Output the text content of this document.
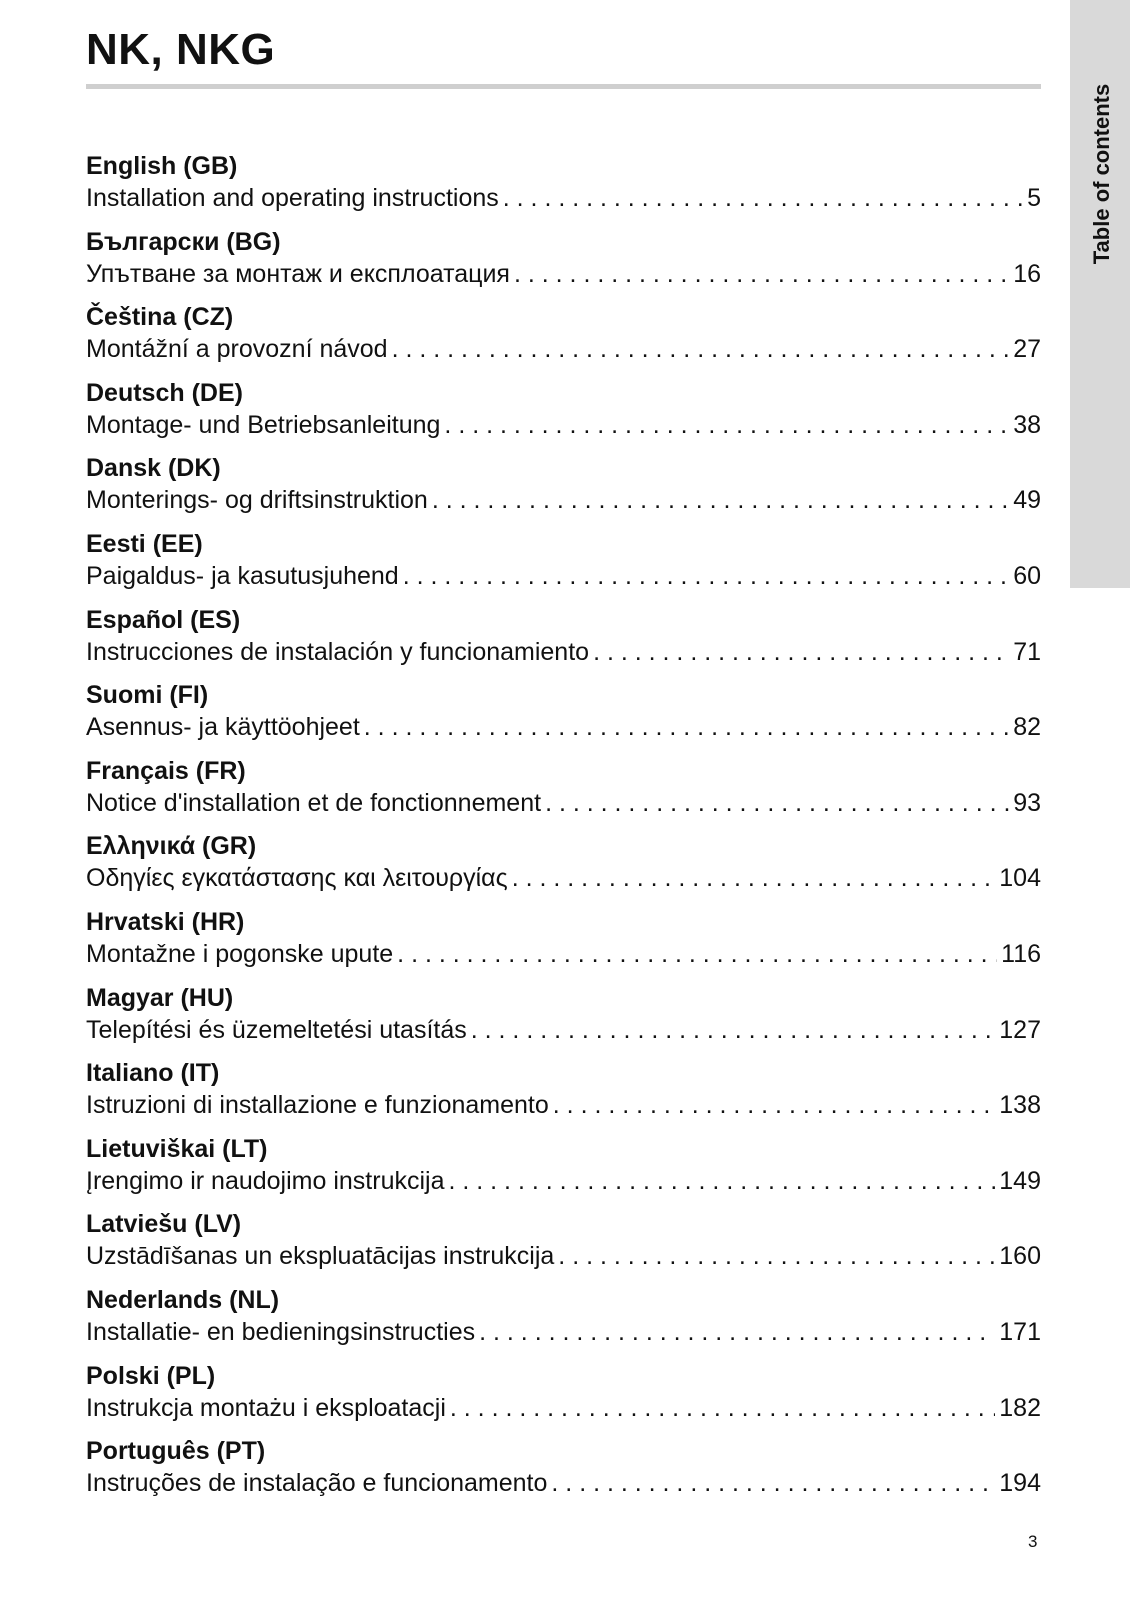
NK, NKG
Table of contents
English (GB)
Installation and operating instructions . . .	5
Български (BG)
Упътване за монтаж и експлоатация . . .	16
Čeština (CZ)
Montážní a provozní návod . . .	27
Deutsch (DE)
Montage- und Betriebsanleitung . . .	38
Dansk (DK)
Monterings- og driftsinstruktion . . .	49
Eesti (EE)
Paigaldus- ja kasutusjuhend . . .	60
Español (ES)
Instrucciones de instalación y funcionamiento . . .	71
Suomi (FI)
Asennus- ja käyttöohjeet . . .	82
Français (FR)
Notice d'installation et de fonctionnement . . .	93
Ελληνικά (GR)
Οδηγίες εγκατάστασης και λειτουργίας . . .	104
Hrvatski (HR)
Montažne i pogonske upute . . .	116
Magyar (HU)
Telepítési és üzemeltetési utasítás . . .	127
Italiano (IT)
Istruzioni di installazione e funzionamento . . .	138
Lietuviškai (LT)
Įrengimo ir naudojimo instrukcija . . .	149
Latviešu (LV)
Uzstādīšanas un ekspluatācijas instrukcija . . .	160
Nederlands (NL)
Installatie- en bedieningsinstructies . . .	171
Polski (PL)
Instrukcja montażu i eksploatacji . . .	182
Português (PT)
Instruções de instalação e funcionamento . . .	194
3
